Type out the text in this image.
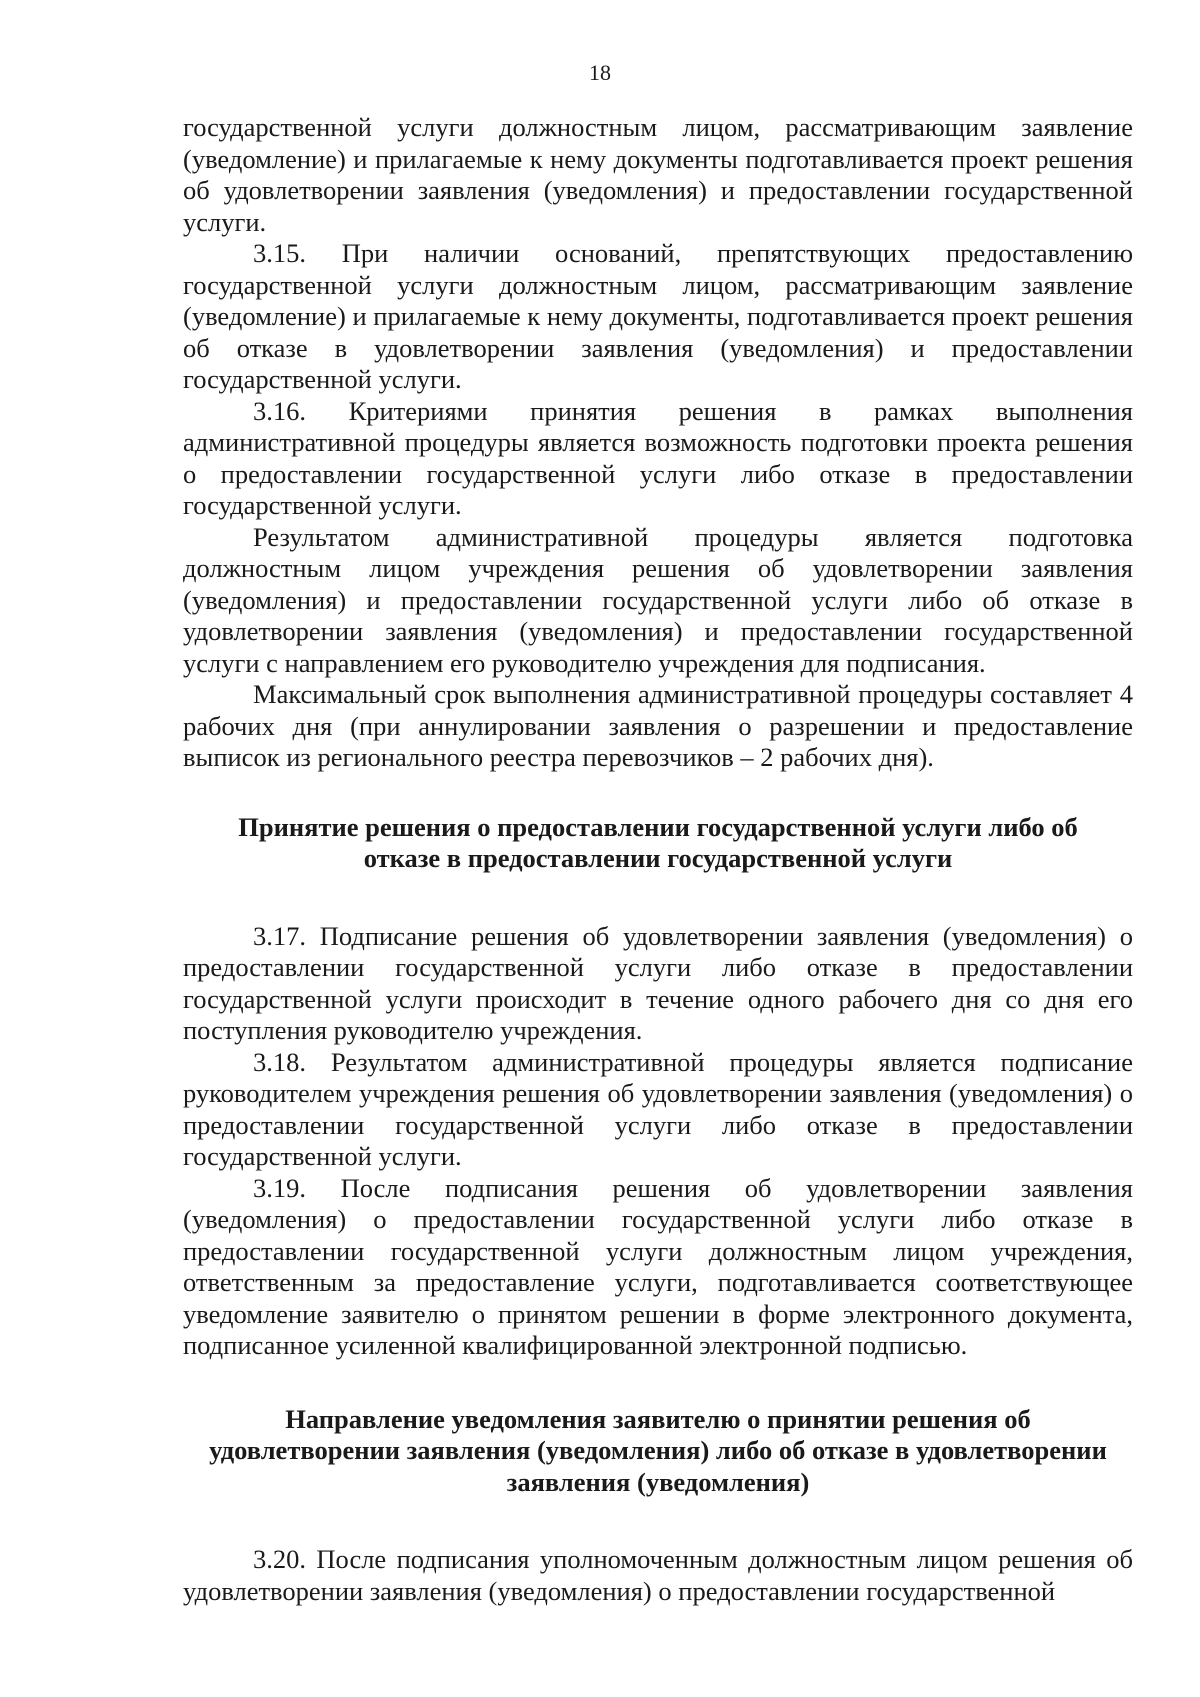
18

государственной услуги должностным лицом, рассматривающим заявление (уведомление) и прилагаемые к нему документы подготавливается проект решения об удовлетворении заявления (уведомления) и предоставлении государственной услуги.

3.15. При наличии оснований, препятствующих предоставлению государственной услуги должностным лицом, рассматривающим заявление (уведомление) и прилагаемые к нему документы, подготавливается проект решения об отказе в удовлетворении заявления (уведомления) и предоставлении государственной услуги.

3.16. Критериями принятия решения в рамках выполнения административной процедуры является возможность подготовки проекта решения о предоставлении государственной услуги либо отказе в предоставлении государственной услуги.

Результатом административной процедуры является подготовка должностным лицом учреждения решения об удовлетворении заявления (уведомления) и предоставлении государственной услуги либо об отказе в удовлетворении заявления (уведомления) и предоставлении государственной услуги с направлением его руководителю учреждения для подписания.

Максимальный срок выполнения административной процедуры составляет 4 рабочих дня (при аннулировании заявления о разрешении и предоставление выписок из регионального реестра перевозчиков – 2 рабочих дня).

Принятие решения о предоставлении государственной услуги либо об

отказе в предоставлении государственной услуги

3.17. Подписание решения об удовлетворении заявления (уведомления) о предоставлении государственной услуги либо отказе в предоставлении государственной услуги происходит в течение одного рабочего дня со дня его поступления руководителю учреждения.

3.18. Результатом административной процедуры является подписание руководителем учреждения решения об удовлетворении заявления (уведомления) о предоставлении государственной услуги либо отказе в предоставлении государственной услуги.

3.19. После подписания решения об удовлетворении заявления (уведомления) о предоставлении государственной услуги либо отказе в предоставлении государственной услуги должностным лицом учреждения, ответственным за предоставление услуги, подготавливается соответствующее уведомление заявителю о принятом решении в форме электронного документа, подписанное усиленной квалифицированной электронной подписью.

Направление уведомления заявителю о принятии решения об

удовлетворении заявления (уведомления) либо об отказе в удовлетворении

заявления (уведомления)

3.20. После подписания уполномоченным должностным лицом решения об удовлетворении заявления (уведомления) о предоставлении государственной
